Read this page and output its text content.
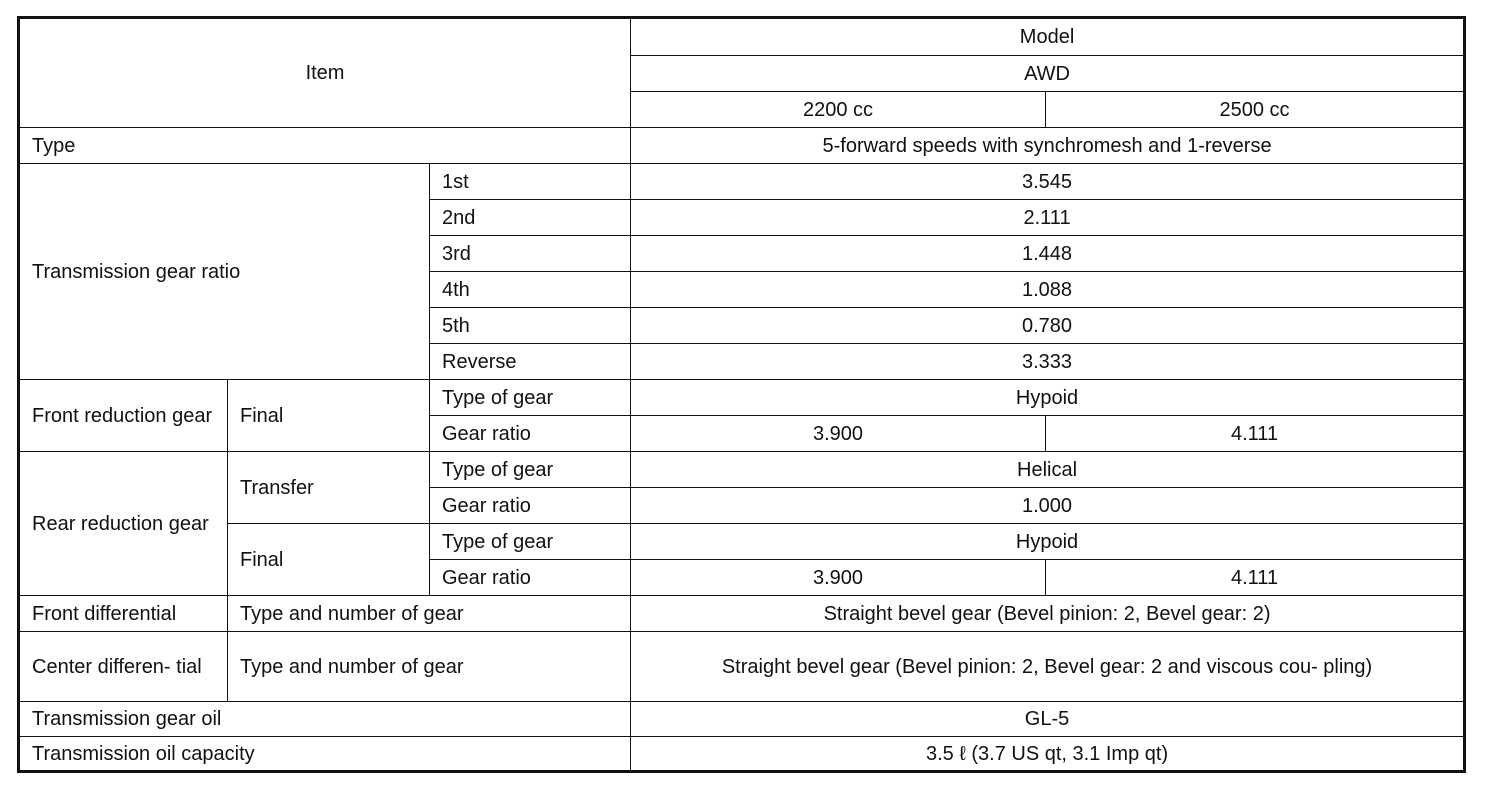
Item			Model	
			AWD	
			2200 cc	2500 cc
Type			5-forward speeds with synchromesh and 1-reverse	
Transmission gear ratio		1st	3.545	
		2nd	2.111	
		3rd	1.448	
		4th	1.088	
		5th	0.780	
		Reverse	3.333	
Front reduction gear	Final	Type of gear	Hypoid	
		Gear ratio	3.900	4.111
Rear reduction gear	Transfer	Type of gear	Helical	
		Gear ratio	1.000	
	Final	Type of gear	Hypoid	
		Gear ratio	3.900	4.111
Front differential	Type and number of gear		Straight bevel gear (Bevel pinion: 2, Bevel gear: 2)	
Center differen- tial	Type and number of gear		Straight bevel gear (Bevel pinion: 2, Bevel gear: 2 and viscous cou- pling)	
Transmission gear oil			GL-5	
Transmission oil capacity			3.5 ℓ (3.7 US qt, 3.1 Imp qt)	
